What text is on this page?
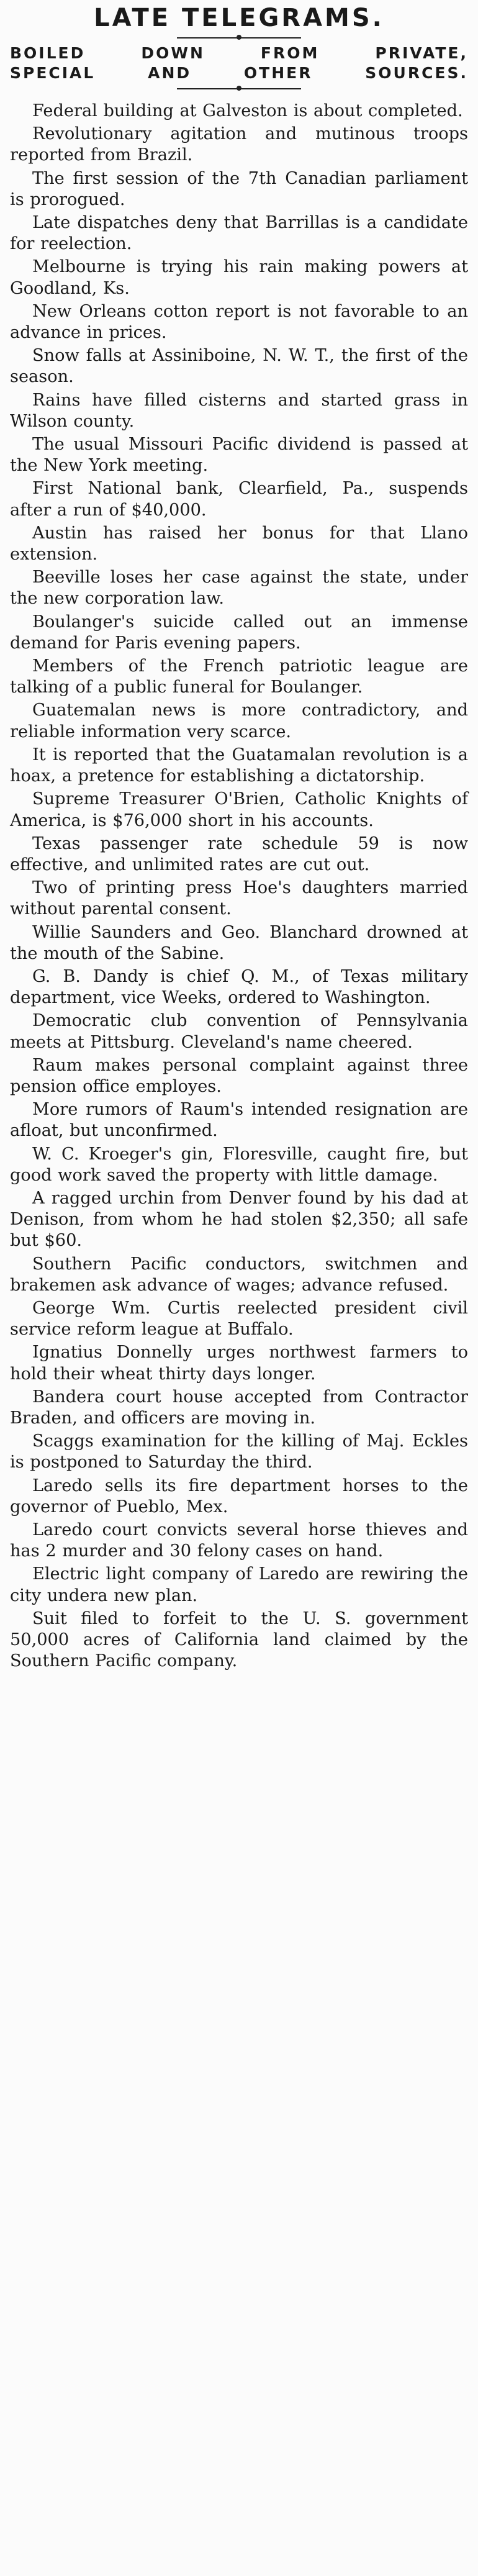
LATE TELEGRAMS.
BOILED DOWN FROM PRIVATE,
SPECIAL AND OTHER SOURCES.

Federal building at Galveston is about completed.

Revolutionary agitation and mutinous troops reported from Brazil.

The first session of the 7th Canadian parliament is prorogued.

Late dispatches deny that Barrillas is a candidate for reelection.

Melbourne is trying his rain making powers at Goodland, Ks.

New Orleans cotton report is not favorable to an advance in prices.

Snow falls at Assiniboine, N. W. T., the first of the season.

Rains have filled cisterns and started grass in Wilson county.

The usual Missouri Pacific dividend is passed at the New York meeting.

First National bank, Clearfield, Pa., suspends after a run of $40,000.

Austin has raised her bonus for that Llano extension.

Beeville loses her case against the state, under the new corporation law.

Boulanger's suicide called out an immense demand for Paris evening papers.

Members of the French patriotic league are talking of a public funeral for Boulanger.

Guatemalan news is more contradictory, and reliable information very scarce.

It is reported that the Guatamalan revolution is a hoax, a pretence for establishing a dictatorship.

Supreme Treasurer O'Brien, Catholic Knights of America, is $76,000 short in his accounts.

Texas passenger rate schedule 59 is now effective, and unlimited rates are cut out.

Two of printing press Hoe's daughters married without parental consent.

Willie Saunders and Geo. Blanchard drowned at the mouth of the Sabine.

G. B. Dandy is chief Q. M., of Texas military department, vice Weeks, ordered to Washington.

Democratic club convention of Pennsylvania meets at Pittsburg. Cleveland's name cheered.

Raum makes personal complaint against three pension office employes.

More rumors of Raum's intended resignation are afloat, but unconfirmed.

W. C. Kroeger's gin, Floresville, caught fire, but good work saved the property with little damage.

A ragged urchin from Denver found by his dad at Denison, from whom he had stolen $2,350; all safe but $60.

Southern Pacific conductors, switchmen and brakemen ask advance of wages; advance refused.

George Wm. Curtis reelected president civil service reform league at Buffalo.

Ignatius Donnelly urges northwest farmers to hold their wheat thirty days longer.

Bandera court house accepted from Contractor Braden, and officers are moving in.

Scaggs examination for the killing of Maj. Eckles is postponed to Saturday the third.

Laredo sells its fire department horses to the governor of Pueblo, Mex.

Laredo court convicts several horse thieves and has 2 murder and 30 felony cases on hand.

Electric light company of Laredo are rewiring the city undera new plan.

Suit filed to forfeit to the U. S. government 50,000 acres of California land claimed by the Southern Pacific company.
